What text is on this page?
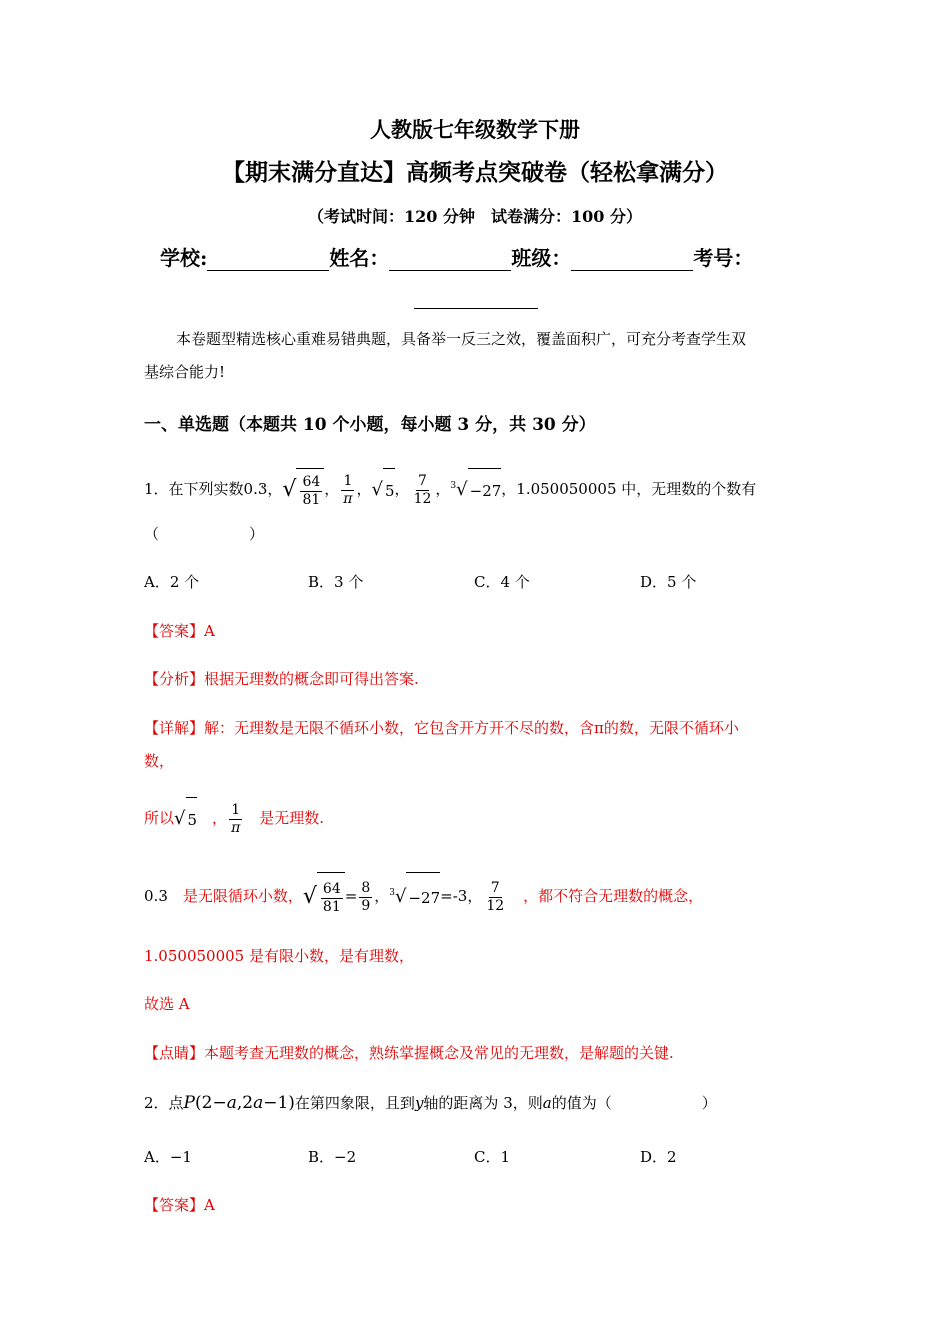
人教版七年级数学下册
【期末满分直达】高频考点突破卷（轻松拿满分）
（考试时间：120 分钟　试卷满分：100 分）
学校:	姓名：	班级：	考号：
本卷题型精选核心重难易错典题，具备举一反三之效，覆盖面积广，可充分考查学生双
基综合能力!
一、单选题（本题共 10 个小题，每小题 3 分，共 30 分）
1．在下列实数0.3 ˙，√ $\frac{64}{81}$ ， $\frac{1}{\pi}$ ，√ 5， $\frac{7}{12}$ ，$^3$√ −27，1.050050005 中，无理数的个数有
（　　　　　　）
A．2 个	B．3 个	C．4 个	D．5 个
【答案】A
【分析】根据无理数的概念即可得出答案.
【详解】解：无理数是无限不循环小数，它包含开方开不尽的数，含π的数，无限不循环小
数，
所以√ 5　， $\frac{1}{\pi}$
　 是无理数.
0.3 ˙　 是无限循环小数，√ $\frac{64}{81} = \frac{8}{9}$ ，$^3$√ −27=-3， $\frac{7}{12}$
　 ，都不符合无理数的概念，
1.050050005 是有限小数，是有理数，
故选 A
【点睛】本题考查无理数的概念，熟练掌握概念及常见的无理数，是解题的关键.
2．点P(2−a,2a−1)在第四象限，且到y轴的距离为 3，则a的值为（　　　　　　）
A．−1	B．−2	C．1	D．2
【答案】A
